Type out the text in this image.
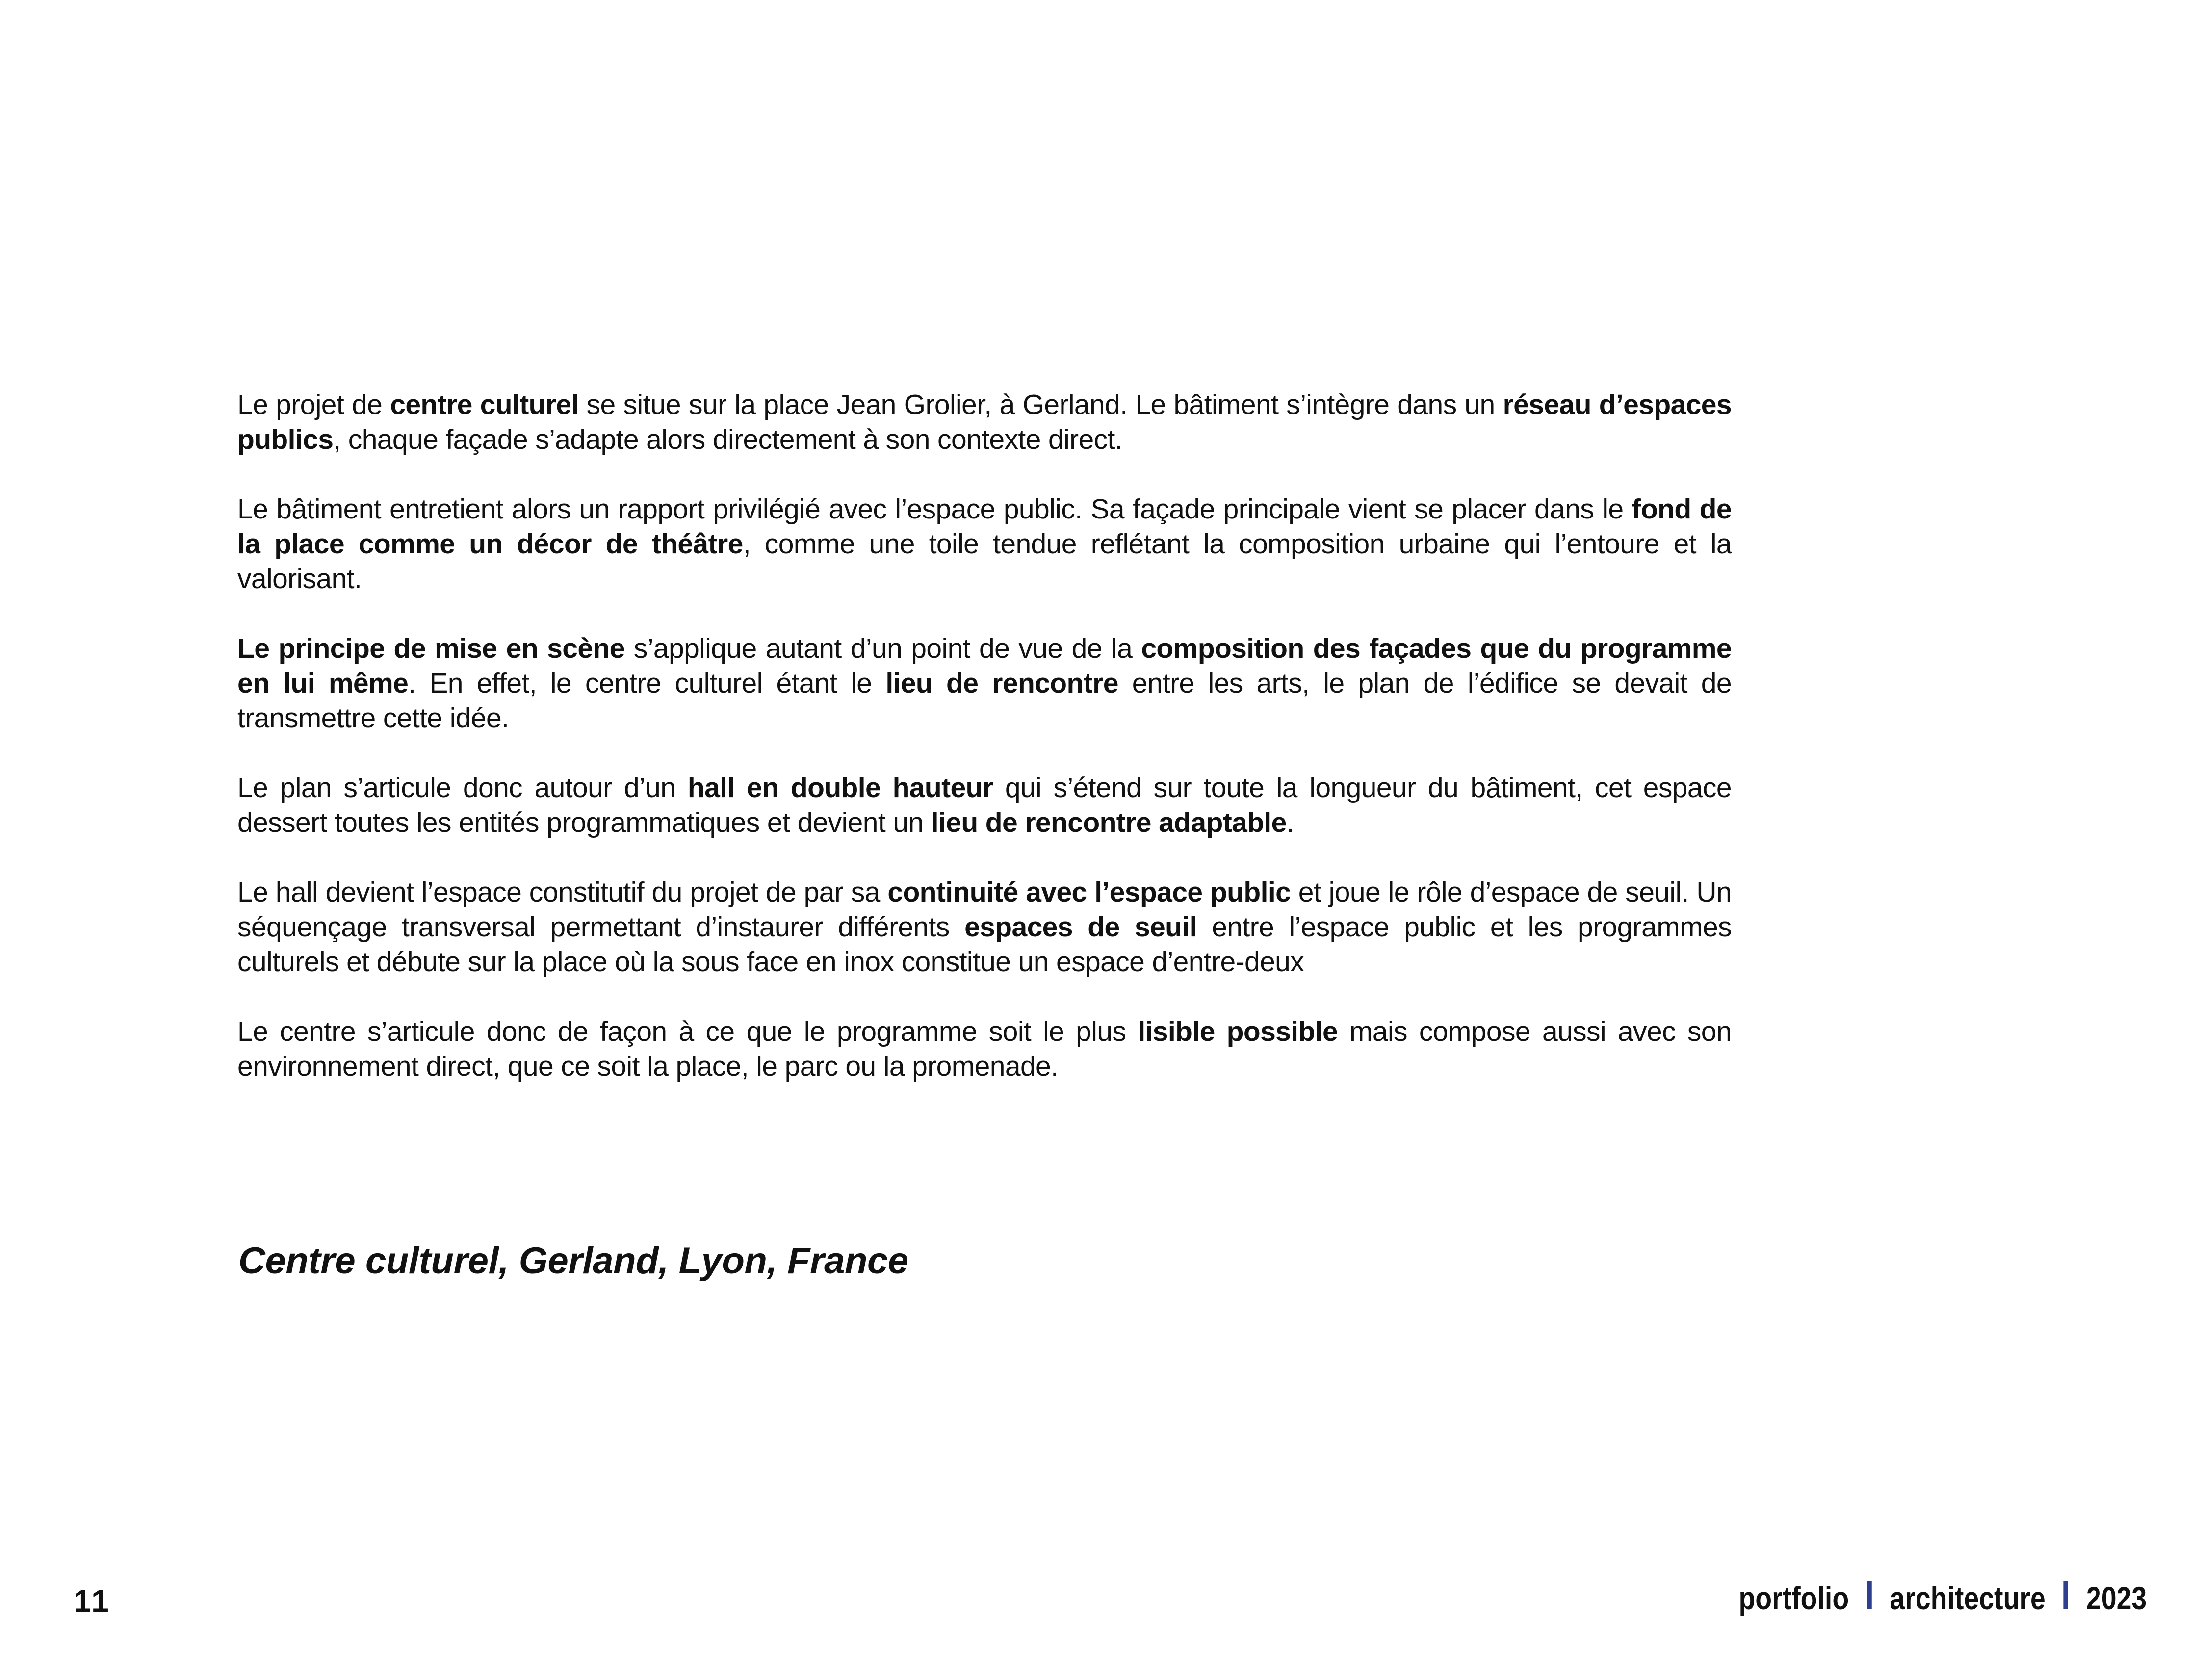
Le projet de centre culturel se situe sur la place Jean Grolier, à Gerland. Le bâtiment s’intègre dans un réseau d’espaces publics, chaque façade s’adapte alors directement à son contexte direct.

Le bâtiment entretient alors un rapport privilégié avec l’espace public. Sa façade principale vient se placer dans le fond de la place comme un décor de théâtre, comme une toile tendue reflétant la composition urbaine qui l’entoure et la valorisant.

Le principe de mise en scène s’applique autant d’un point de vue de la composition des façades que du programme en lui même. En effet, le centre culturel étant le lieu de rencontre entre les arts, le plan de l’édifice se devait de transmettre cette idée.

Le plan s’articule donc autour d’un hall en double hauteur qui s’étend sur toute la longueur du bâtiment, cet espace dessert toutes les entités programmatiques et devient un lieu de rencontre adaptable.

Le hall devient l’espace constitutif du projet de par sa continuité avec l’espace public et joue le rôle d’espace de seuil. Un séquençage transversal permettant d’instaurer différents espaces de seuil entre l’espace public et les programmes culturels et débute sur la place où la sous face en inox constitue un espace d’entre-deux

Le centre s’articule donc de façon à ce que le programme soit le plus lisible possible mais compose aussi avec son environnement direct, que ce soit la place, le parc ou la promenade.

Centre culturel, Gerland, Lyon, France
11	portfolio architecture 2023
